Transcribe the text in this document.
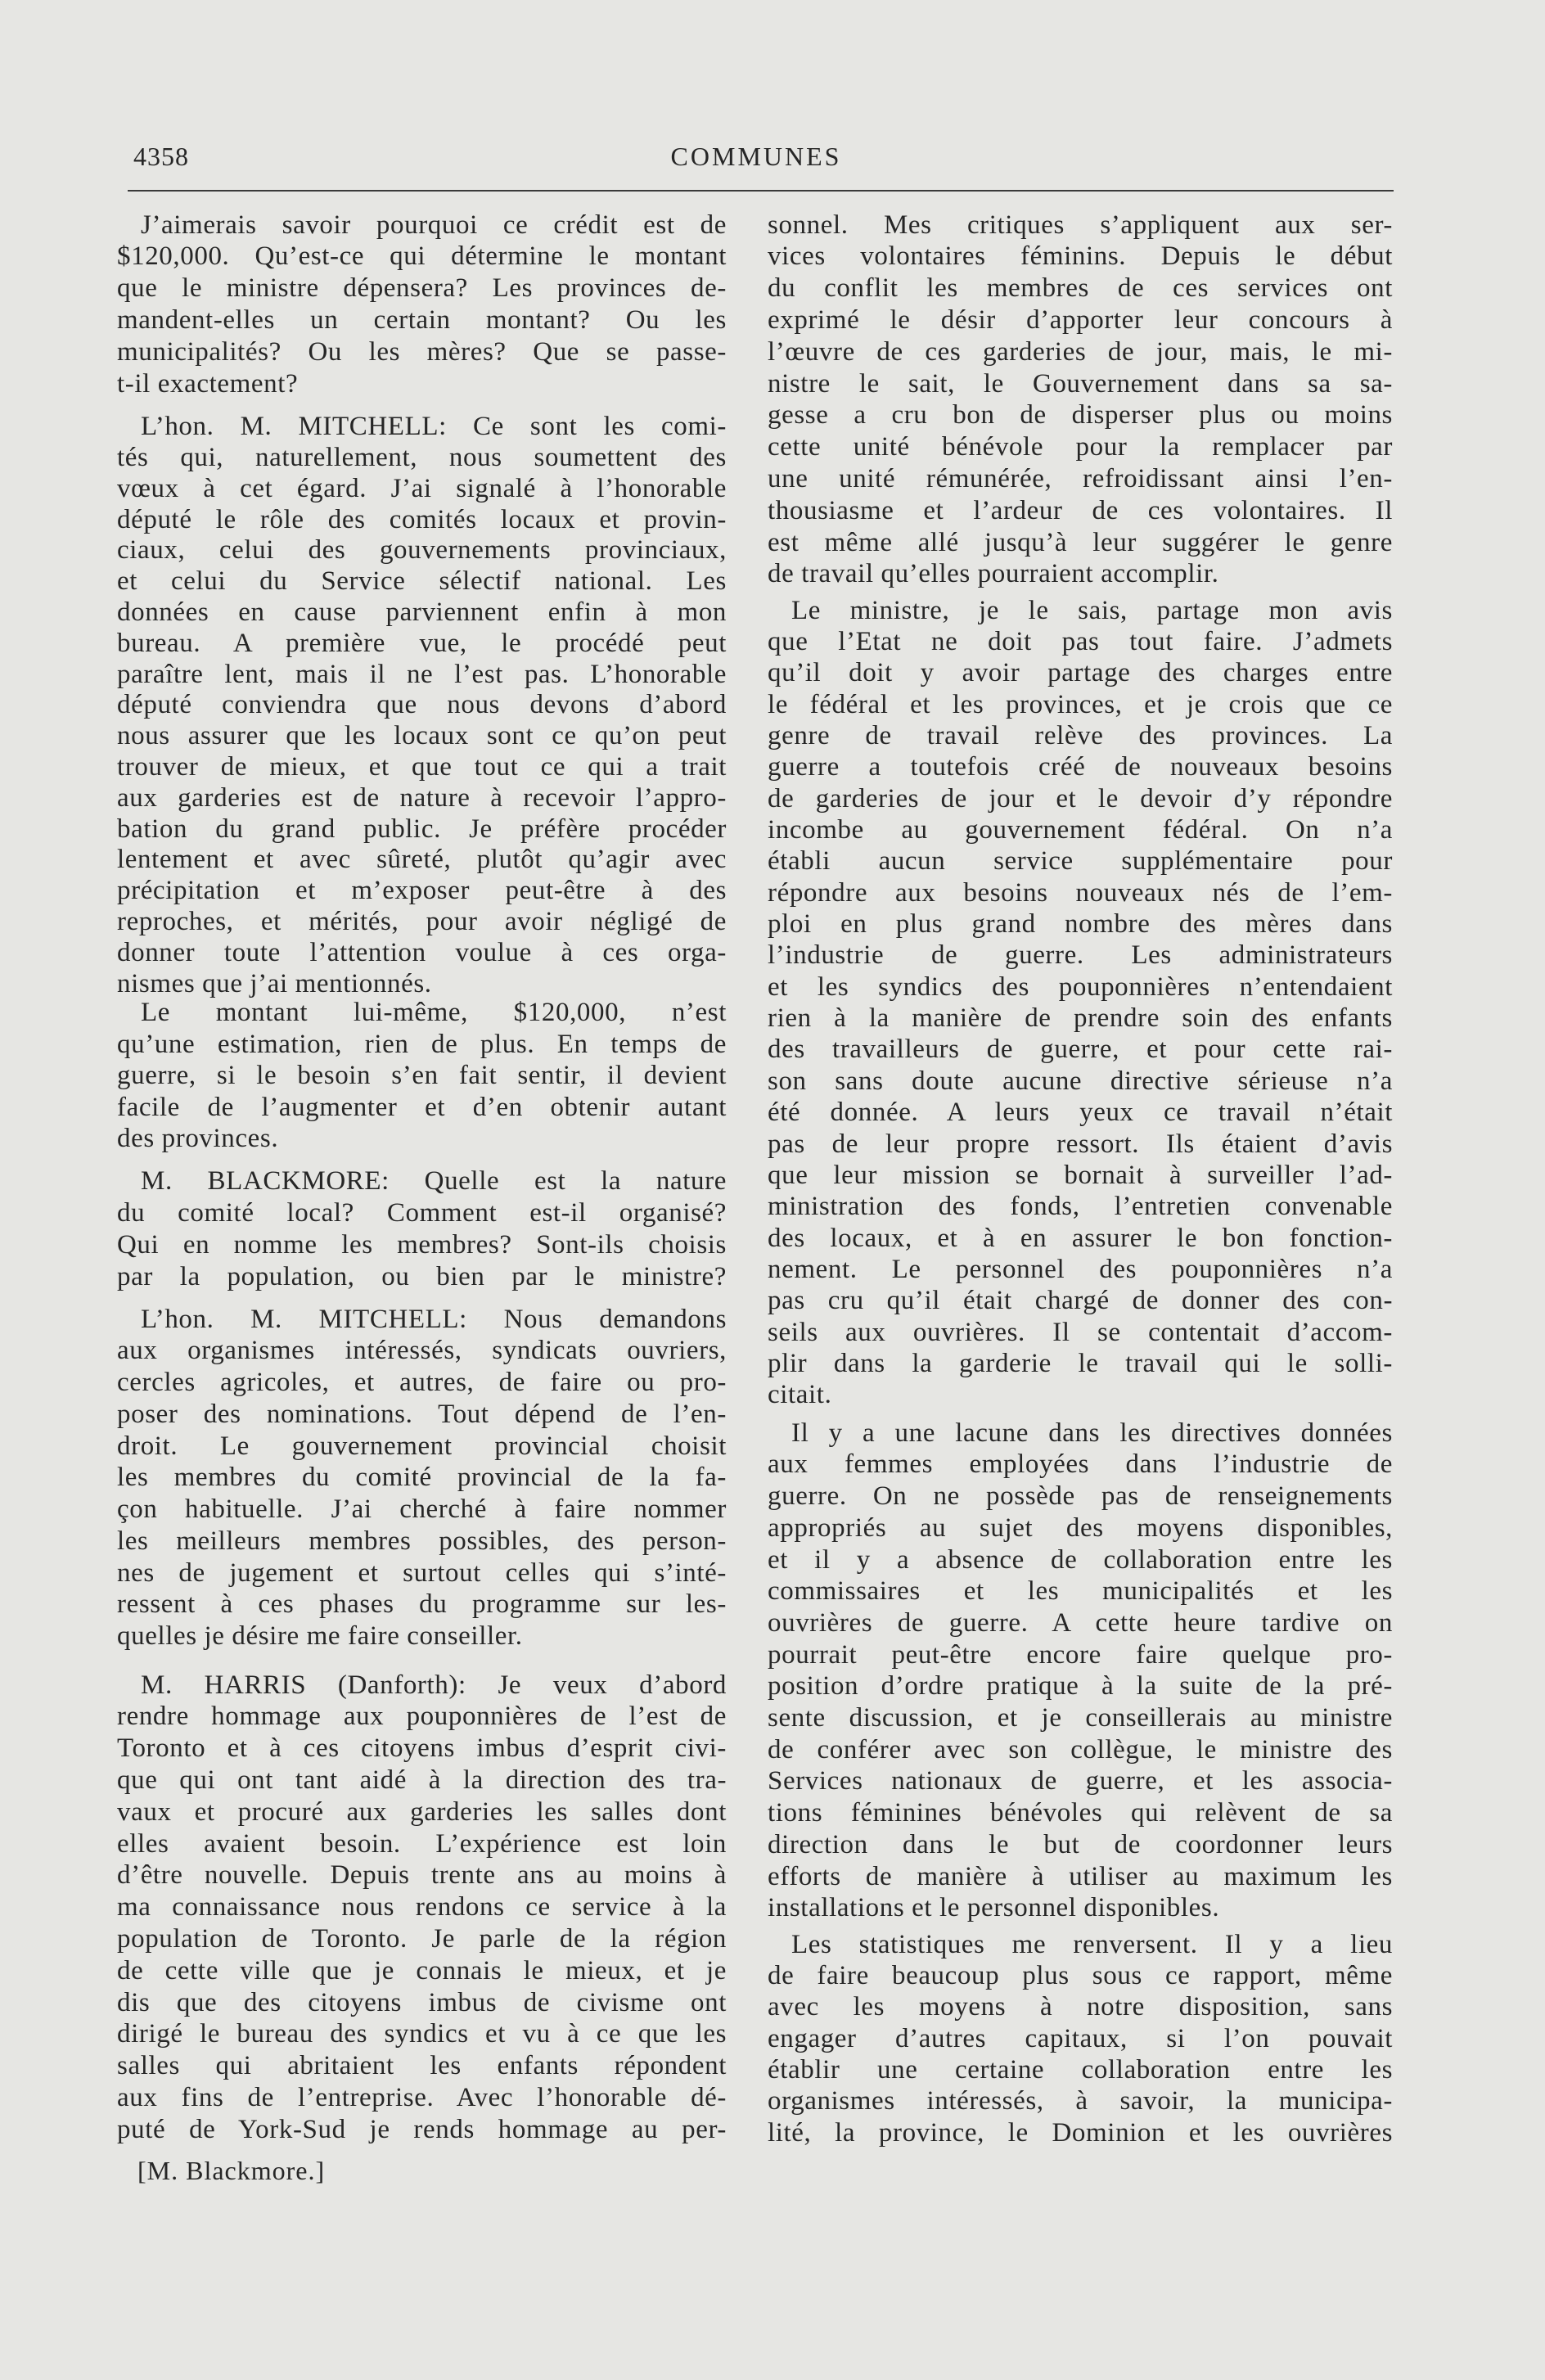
4358	COMMUNES
J’aimerais savoir pourquoi ce crédit est de
$120,000. Qu’est-ce qui détermine le montant
que le ministre dépensera? Les provinces de-
mandent-elles un certain montant? Ou les
municipalités? Ou les mères? Que se passe-
t-il exactement?
L’hon. M. MITCHELL: Ce sont les comi-
tés qui, naturellement, nous soumettent des
vœux à cet égard. J’ai signalé à l’honorable
député le rôle des comités locaux et provin-
ciaux, celui des gouvernements provinciaux,
et celui du Service sélectif national. Les
données en cause parviennent enfin à mon
bureau. A première vue, le procédé peut
paraître lent, mais il ne l’est pas. L’honorable
député conviendra que nous devons d’abord
nous assurer que les locaux sont ce qu’on peut
trouver de mieux, et que tout ce qui a trait
aux garderies est de nature à recevoir l’appro-
bation du grand public. Je préfère procéder
lentement et avec sûreté, plutôt qu’agir avec
précipitation et m’exposer peut-être à des
reproches, et mérités, pour avoir négligé de
donner toute l’attention voulue à ces orga-
nismes que j’ai mentionnés.
Le montant lui-même, $120,000, n’est
qu’une estimation, rien de plus. En temps de
guerre, si le besoin s’en fait sentir, il devient
facile de l’augmenter et d’en obtenir autant
des provinces.
M. BLACKMORE: Quelle est la nature
du comité local? Comment est-il organisé?
Qui en nomme les membres? Sont-ils choisis
par la population, ou bien par le ministre?
L’hon. M. MITCHELL: Nous demandons
aux organismes intéressés, syndicats ouvriers,
cercles agricoles, et autres, de faire ou pro-
poser des nominations. Tout dépend de l’en-
droit. Le gouvernement provincial choisit
les membres du comité provincial de la fa-
çon habituelle. J’ai cherché à faire nommer
les meilleurs membres possibles, des person-
nes de jugement et surtout celles qui s’inté-
ressent à ces phases du programme sur les-
quelles je désire me faire conseiller.
M. HARRIS (Danforth): Je veux d’abord
rendre hommage aux pouponnières de l’est de
Toronto et à ces citoyens imbus d’esprit civi-
que qui ont tant aidé à la direction des tra-
vaux et procuré aux garderies les salles dont
elles avaient besoin. L’expérience est loin
d’être nouvelle. Depuis trente ans au moins à
ma connaissance nous rendons ce service à la
population de Toronto. Je parle de la région
de cette ville que je connais le mieux, et je
dis que des citoyens imbus de civisme ont
dirigé le bureau des syndics et vu à ce que les
salles qui abritaient les enfants répondent
aux fins de l’entreprise. Avec l’honorable dé-
puté de York-Sud je rends hommage au per-
sonnel. Mes critiques s’appliquent aux ser-
vices volontaires féminins. Depuis le début
du conflit les membres de ces services ont
exprimé le désir d’apporter leur concours à
l’œuvre de ces garderies de jour, mais, le mi-
nistre le sait, le Gouvernement dans sa sa-
gesse a cru bon de disperser plus ou moins
cette unité bénévole pour la remplacer par
une unité rémunérée, refroidissant ainsi l’en-
thousiasme et l’ardeur de ces volontaires. Il
est même allé jusqu’à leur suggérer le genre
de travail qu’elles pourraient accomplir.
Le ministre, je le sais, partage mon avis
que l’Etat ne doit pas tout faire. J’admets
qu’il doit y avoir partage des charges entre
le fédéral et les provinces, et je crois que ce
genre de travail relève des provinces. La
guerre a toutefois créé de nouveaux besoins
de garderies de jour et le devoir d’y répondre
incombe au gouvernement fédéral. On n’a
établi aucun service supplémentaire pour
répondre aux besoins nouveaux nés de l’em-
ploi en plus grand nombre des mères dans
l’industrie de guerre. Les administrateurs
et les syndics des pouponnières n’entendaient
rien à la manière de prendre soin des enfants
des travailleurs de guerre, et pour cette rai-
son sans doute aucune directive sérieuse n’a
été donnée. A leurs yeux ce travail n’était
pas de leur propre ressort. Ils étaient d’avis
que leur mission se bornait à surveiller l’ad-
ministration des fonds, l’entretien convenable
des locaux, et à en assurer le bon fonction-
nement. Le personnel des pouponnières n’a
pas cru qu’il était chargé de donner des con-
seils aux ouvrières. Il se contentait d’accom-
plir dans la garderie le travail qui le solli-
citait.
Il y a une lacune dans les directives données
aux femmes employées dans l’industrie de
guerre. On ne possède pas de renseignements
appropriés au sujet des moyens disponibles,
et il y a absence de collaboration entre les
commissaires et les municipalités et les
ouvrières de guerre. A cette heure tardive on
pourrait peut-être encore faire quelque pro-
position d’ordre pratique à la suite de la pré-
sente discussion, et je conseillerais au ministre
de conférer avec son collègue, le ministre des
Services nationaux de guerre, et les associa-
tions féminines bénévoles qui relèvent de sa
direction dans le but de coordonner leurs
efforts de manière à utiliser au maximum les
installations et le personnel disponibles.
Les statistiques me renversent. Il y a lieu
de faire beaucoup plus sous ce rapport, même
avec les moyens à notre disposition, sans
engager d’autres capitaux, si l’on pouvait
établir une certaine collaboration entre les
organismes intéressés, à savoir, la municipa-
lité, la province, le Dominion et les ouvrières
[M. Blackmore.]
